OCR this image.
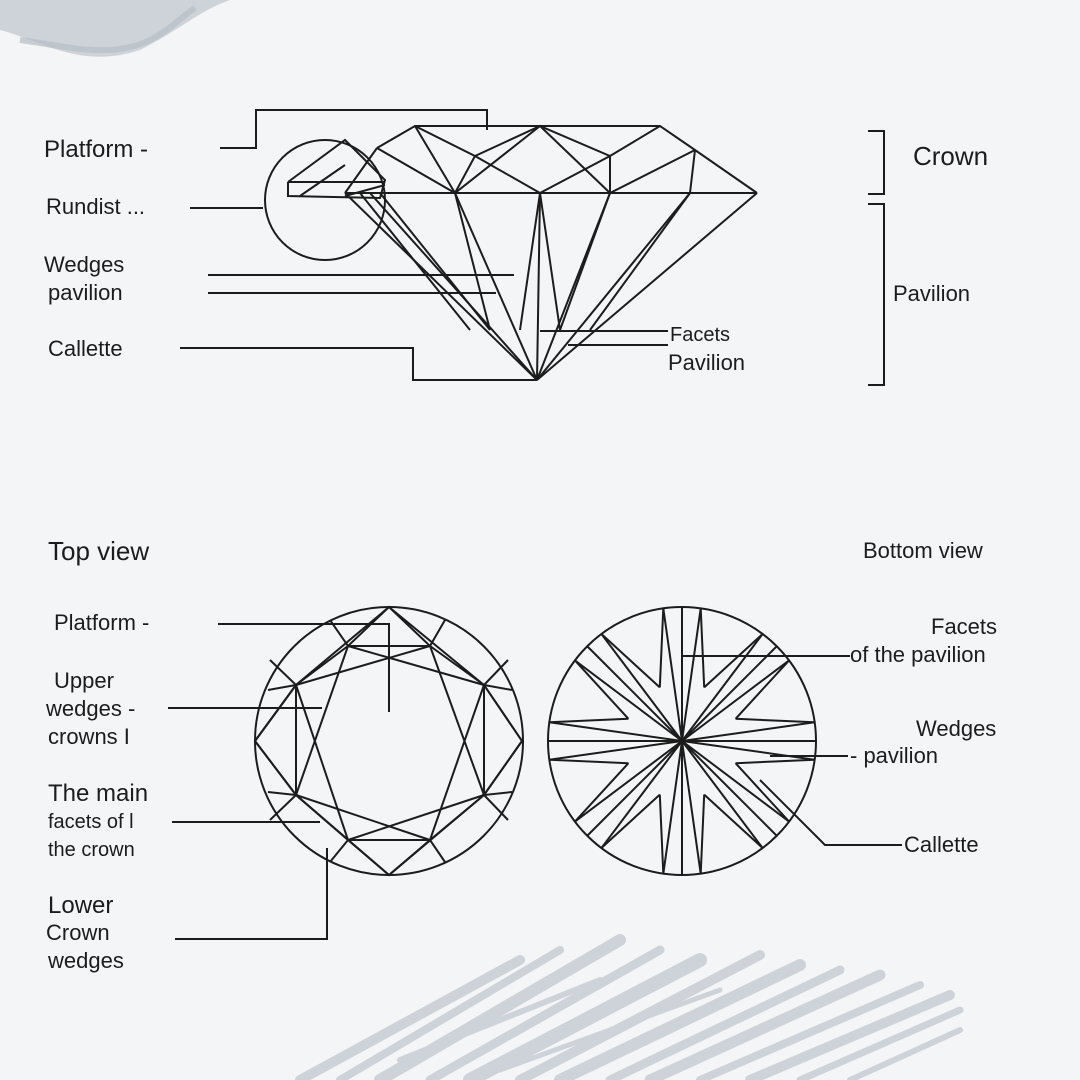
Platform -
Rundist ...
Wedges
pavilion
Callette
Facets
Pavilion
Crown
Pavilion
Top view
Platform -
Upper
wedges -
crowns I
The main
facets of l
the crown
Lower
Crown
wedges
Bottom view
Facets
of the pavilion
Wedges
- pavilion
Callette
